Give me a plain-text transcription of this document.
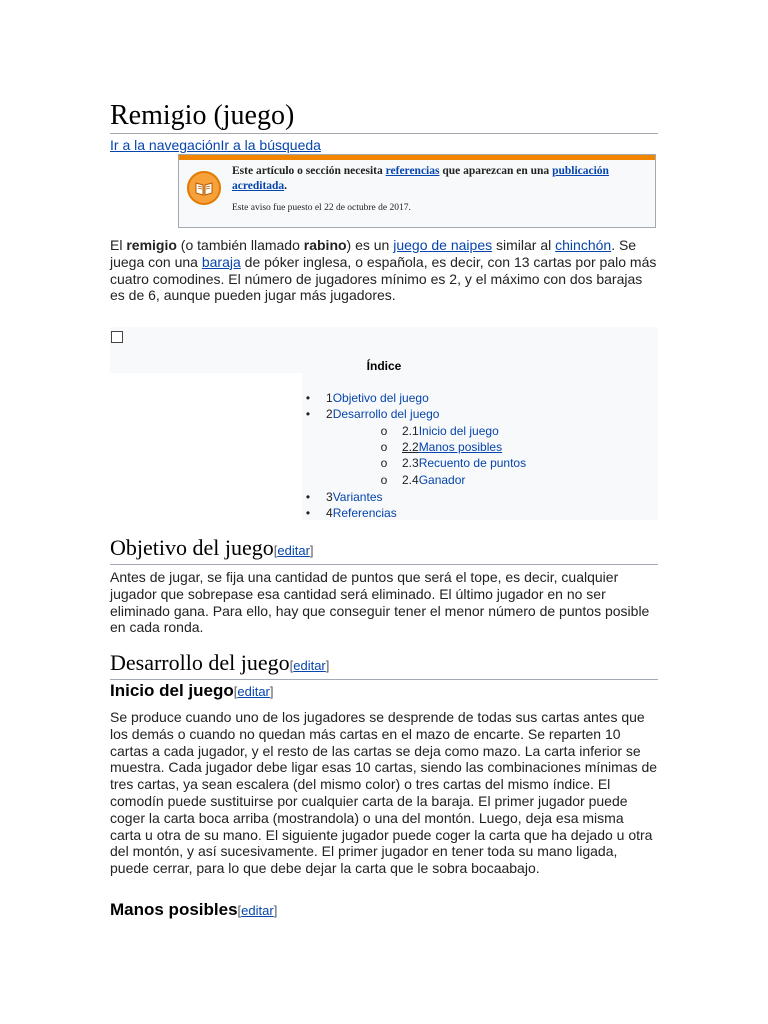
Remigio (juego)
Ir a la navegaciónIr a la búsqueda
Este artículo o sección necesita referencias que aparezcan en una publicación acreditada.
Este aviso fue puesto el 22 de octubre de 2017.

El remigio (o también llamado rabino) es un juego de naipes similar al chinchón. Se juega con una baraja de póker inglesa, o española, es decir, con 13 cartas por palo más cuatro comodines. El número de jugadores mínimo es 2, y el máximo con dos barajas es de 6, aunque pueden jugar más jugadores.

Índice
•	1Objetivo del juego
•	2Desarrollo del juego
o 2.1Inicio del juego
o 2.2Manos posibles
o 2.3Recuento de puntos
o 2.4Ganador
•	3Variantes
•	4Referencias
Objetivo del juego[editar]

Antes de jugar, se fija una cantidad de puntos que será el tope, es decir, cualquier jugador que sobrepase esa cantidad será eliminado. El último jugador en no ser eliminado gana. Para ello, hay que conseguir tener el menor número de puntos posible en cada ronda.

Desarrollo del juego[editar]
Inicio del juego[editar]

Se produce cuando uno de los jugadores se desprende de todas sus cartas antes que los demás o cuando no quedan más cartas en el mazo de encarte. Se reparten 10 cartas a cada jugador, y el resto de las cartas se deja como mazo. La carta inferior se muestra. Cada jugador debe ligar esas 10 cartas, siendo las combinaciones mínimas de tres cartas, ya sean escalera (del mismo color) o tres cartas del mismo índice. El comodín puede sustituirse por cualquier carta de la baraja. El primer jugador puede coger la carta boca arriba (mostrandola) o una del montón. Luego, deja esa misma carta u otra de su mano. El siguiente jugador puede coger la carta que ha dejado u otra del montón, y así sucesivamente. El primer jugador en tener toda su mano ligada, puede cerrar, para lo que debe dejar la carta que le sobra bocaabajo.

Manos posibles[editar]
